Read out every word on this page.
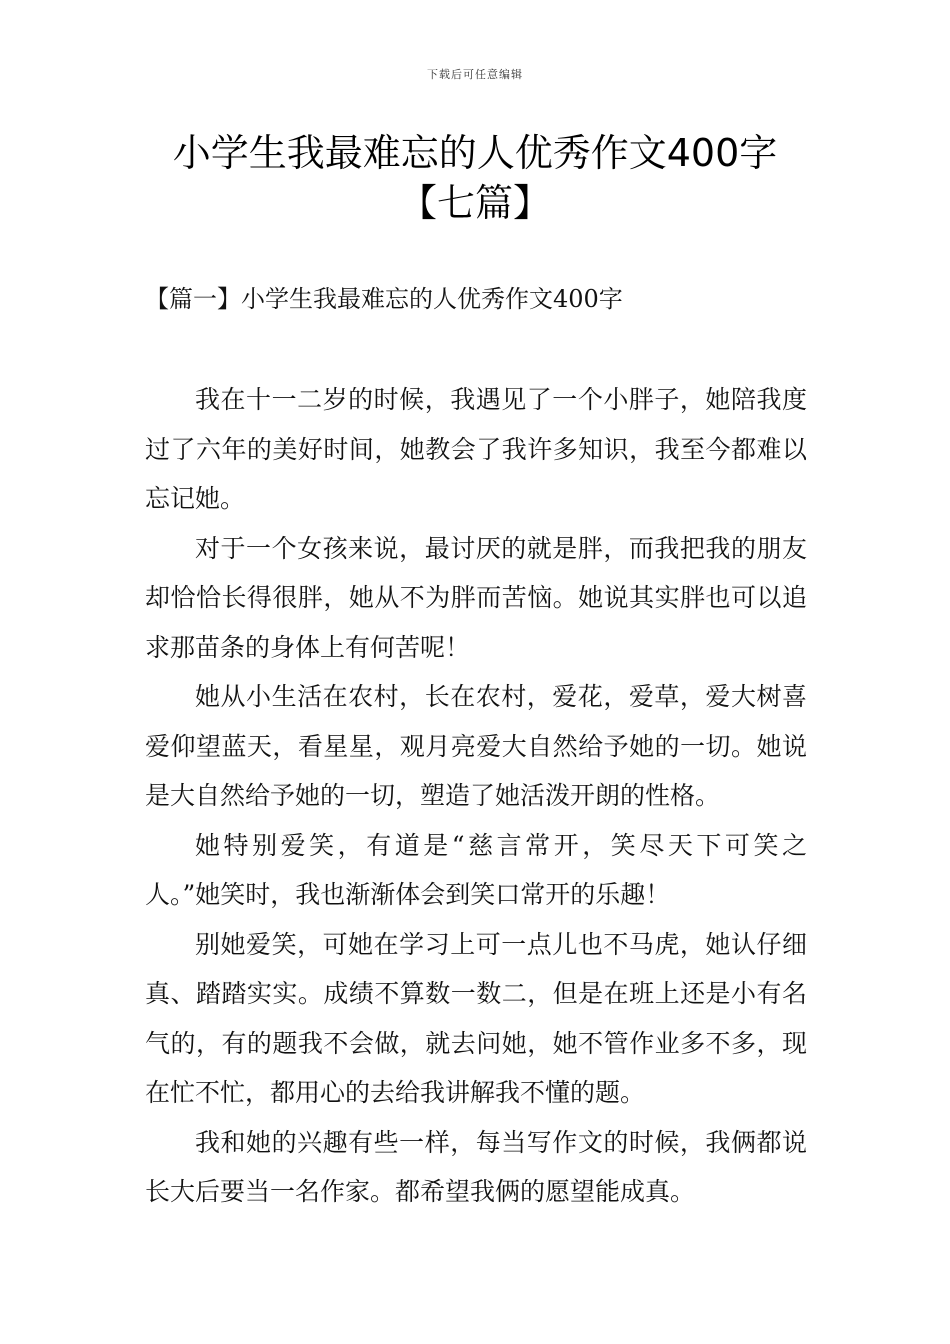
下载后可任意编辑
小学生我最难忘的人优秀作文400字【七篇】
【篇一】小学生我最难忘的人优秀作文400字

我在十一二岁的时候，我遇见了一个小胖子，她陪我度过了六年的美好时间，她教会了我许多知识，我至今都难以忘记她。

对于一个女孩来说，最讨厌的就是胖，而我把我的朋友却恰恰长得很胖，她从不为胖而苦恼。她说其实胖也可以追求那苗条的身体上有何苦呢！

她从小生活在农村，长在农村，爱花，爱草，爱大树喜爱仰望蓝天，看星星，观月亮爱大自然给予她的一切。她说是大自然给予她的一切，塑造了她活泼开朗的性格。

她特别爱笑，有道是“慈言常开，笑尽天下可笑之人。”她笑时，我也渐渐体会到笑口常开的乐趣！

别她爱笑，可她在学习上可一点儿也不马虎，她认仔细真、踏踏实实。成绩不算数一数二，但是在班上还是小有名气的，有的题我不会做，就去问她，她不管作业多不多，现在忙不忙，都用心的去给我讲解我不懂的题。

我和她的兴趣有些一样，每当写作文的时候，我俩都说长大后要当一名作家。都希望我俩的愿望能成真。
